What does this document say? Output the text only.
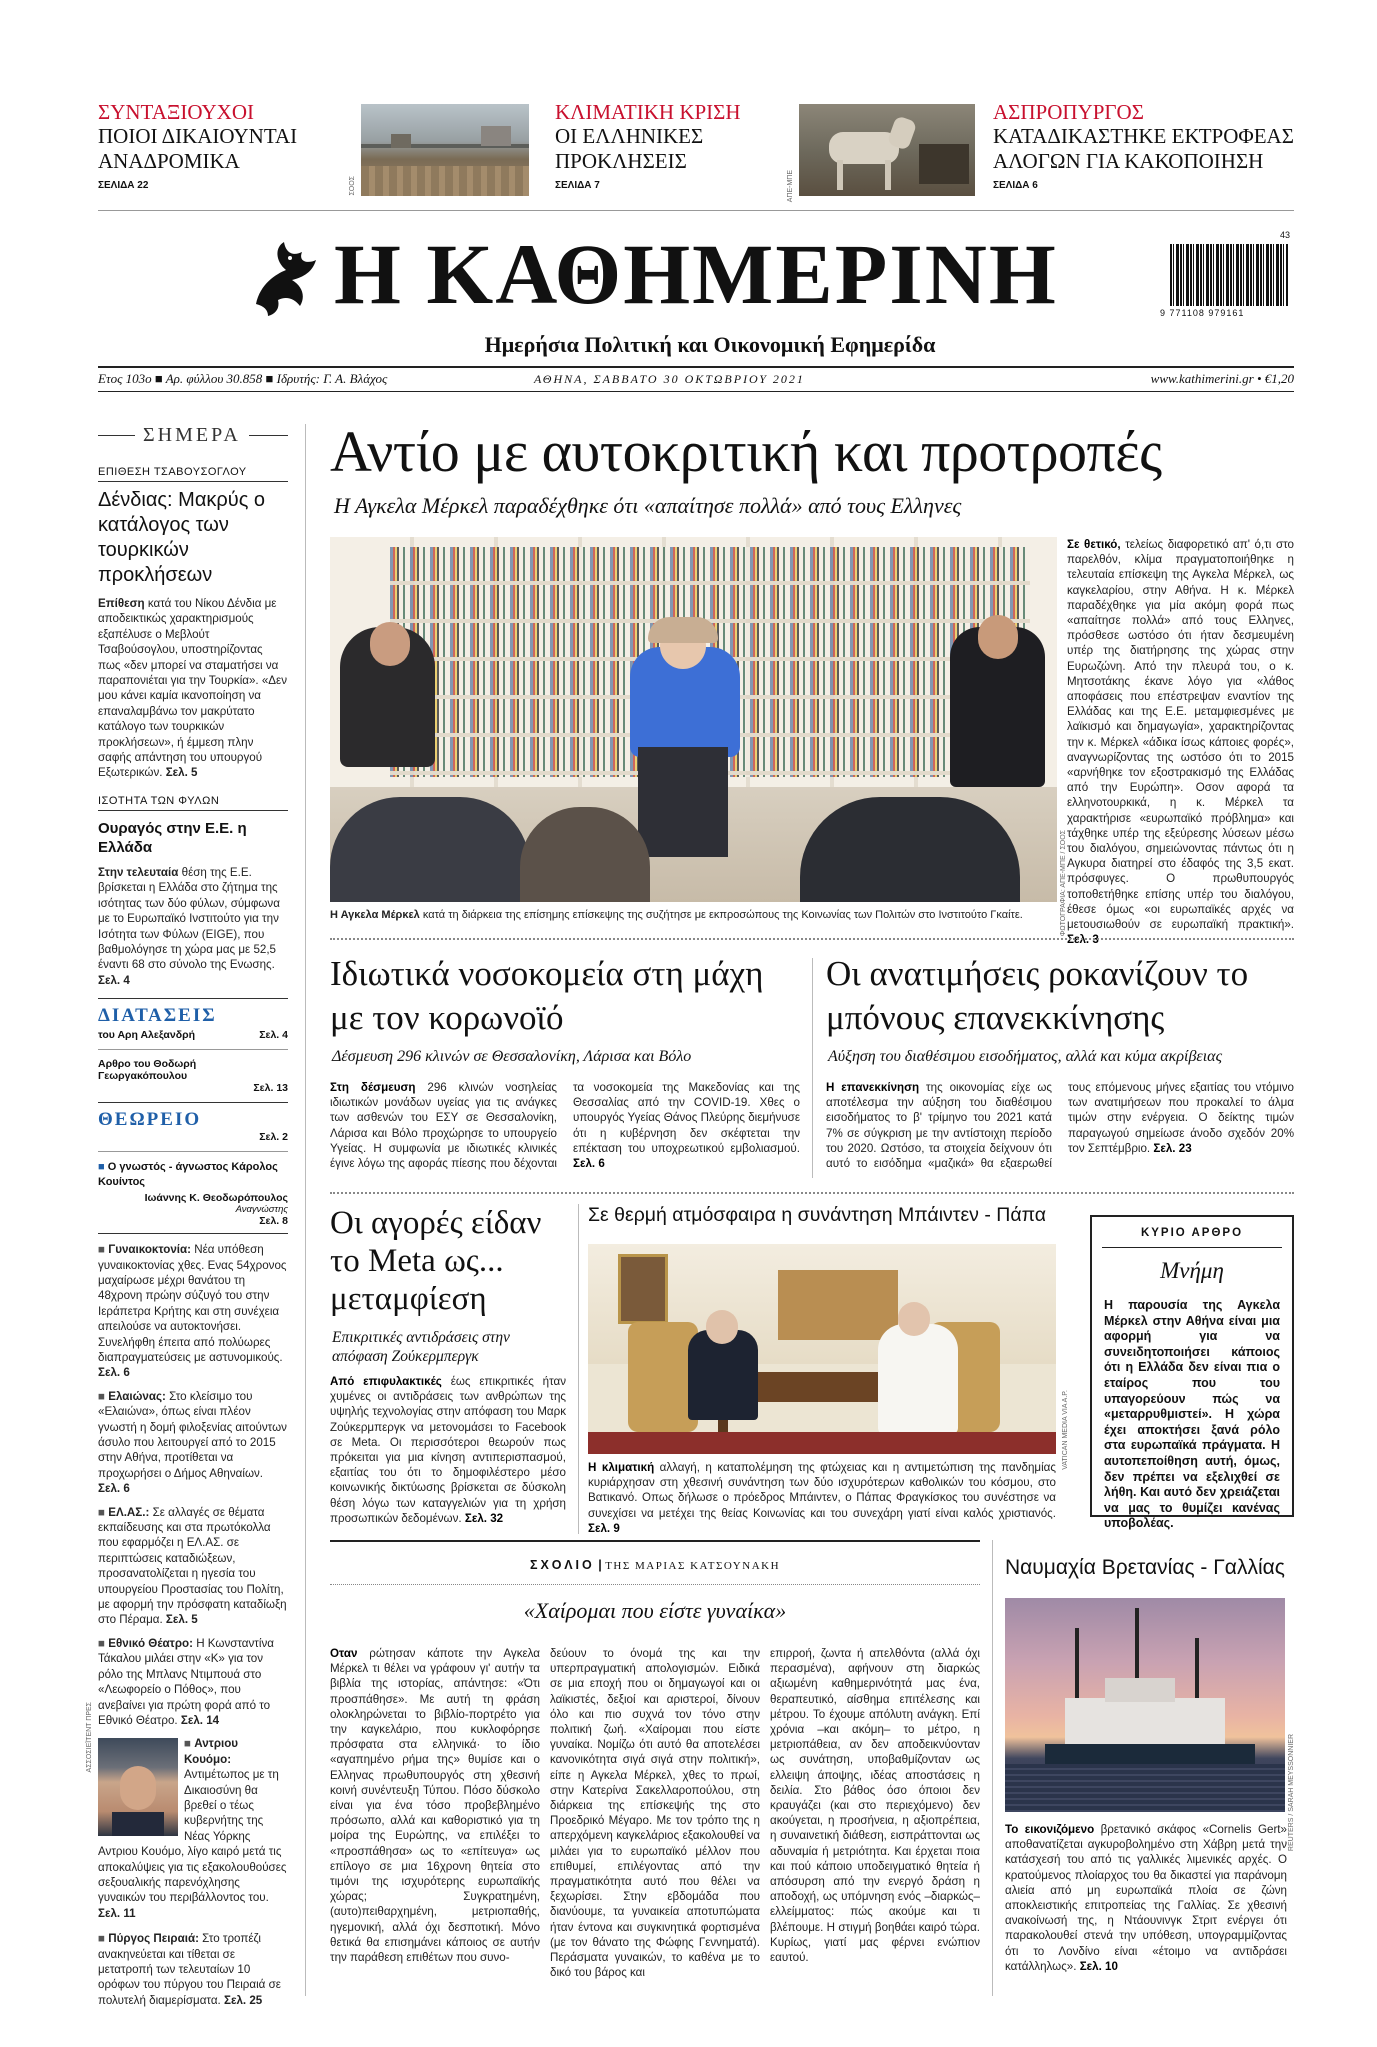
ΣΥΝΤΑΞΙΟΥΧΟΙ
ΠΟΙΟΙ ΔΙΚΑΙΟΥΝΤΑΙ ΑΝΑΔΡΟΜΙΚΑ
ΣΕΛΙΔΑ 22	ΣΟΟΣ
ΚΛΙΜΑΤΙΚΗ ΚΡΙΣΗ
ΟΙ ΕΛΛΗΝΙΚΕΣ ΠΡΟΚΛΗΣΕΙΣ
ΣΕΛΙΔΑ 7	ΑΠΕ-ΜΠΕ
ΑΣΠΡΟΠΥΡΓΟΣ
ΚΑΤΑΔΙΚΑΣΤΗΚΕ ΕΚΤΡΟΦΕΑΣ ΑΛΟΓΩΝ ΓΙΑ ΚΑΚΟΠΟΙΗΣΗ
ΣΕΛΙΔΑ 6
Η ΚΑΘΗΜΕΡΙΝΗ	43
9 771108 979161
Ημερήσια Πολιτική και Οικονομική Εφημερίδα
Ετος 103ο ■ Αρ. φύλλου 30.858 ■ Ιδρυτής: Γ. Α. Βλάχος	ΑΘΗΝΑ, ΣΑΒΒΑΤΟ 30 ΟΚΤΩΒΡΙΟΥ 2021	www.kathimerini.gr • €1,20
ΣΗΜΕΡΑ
ΕΠΙΘΕΣΗ ΤΣΑΒΟΥΣΟΓΛΟΥ
Δένδιας: Μακρύς ο κατάλογος των τουρκικών προκλήσεων
Επίθεση κατά του Νίκου Δένδια με αποδεικτικώς χαρακτηρισμούς εξαπέλυσε ο Μεβλούτ Τσαβούσογλου, υποστηρίζοντας πως «δεν μπορεί να σταματήσει να παραπονιέται για την Τουρκία». «Δεν μου κάνει καμία ικανοποίηση να επαναλαμβάνω τον μακρύτατο κατάλογο των τουρκικών προκλήσεων», ή έμμεση πλην σαφής απάντηση του υπουργού Εξωτερικών. Σελ. 5
ΙΣΟΤΗΤΑ ΤΩΝ ΦΥΛΩΝ
Ουραγός στην Ε.Ε. η Ελλάδα
Στην τελευταία θέση της Ε.Ε. βρίσκεται η Ελλάδα στο ζήτημα της ισότητας των δύο φύλων, σύμφωνα με το Ευρωπαϊκό Ινστιτούτο για την Ισότητα των Φύλων (EIGE), που βαθμολόγησε τη χώρα μας με 52,5 έναντι 68 στο σύνολο της Ενωσης. Σελ. 4
ΔΙΑΤΑΣΕΙΣ
του Αρη Αλεξανδρή	Σελ. 4
Αρθρο του Θοδωρή Γεωργακόπουλου
Σελ. 13
ΘΕΩΡΕΙΟ
Σελ. 2
■ Ο γνωστός - άγνωστος Κάρολος Κουίντος
Ιωάννης Κ. Θεοδωρόπουλος
Αναγνώστης
Σελ. 8
■ Γυναικοκτονία: Νέα υπόθεση γυναικοκτονίας χθες. Ενας 54χρονος μαχαίρωσε μέχρι θανάτου τη 48χρονη πρώην σύζυγό του στην Ιεράπετρα Κρήτης και στη συνέχεια απειλούσε να αυτοκτονήσει. Συνελήφθη έπειτα από πολύωρες διαπραγματεύσεις με αστυνομικούς. Σελ. 6
■ Ελαιώνας: Στο κλείσιμο του «Ελαιώνα», όπως είναι πλέον γνωστή η δομή φιλοξενίας αιτούντων άσυλο που λειτουργεί από το 2015 στην Αθήνα, προτίθεται να προχωρήσει ο Δήμος Αθηναίων. Σελ. 6
■ ΕΛ.ΑΣ.: Σε αλλαγές σε θέματα εκπαίδευσης και στα πρωτόκολλα που εφαρμόζει η ΕΛ.ΑΣ. σε περιπτώσεις καταδιώξεων, προσανατολίζεται η ηγεσία του υπουργείου Προστασίας του Πολίτη, με αφορμή την πρόσφατη καταδίωξη στο Πέραμα. Σελ. 5
■ Εθνικό Θέατρο: Η Κωνσταντίνα Τάκαλου μιλάει στην «Κ» για τον ρόλο της Μπλανς Ντιμπουά στο «Λεωφορείο ο Πόθος», που ανεβαίνει για πρώτη φορά από το Εθνικό Θέατρο. Σελ. 14
■ Αντριου Κουόμο: Αντιμέτωπος με τη Δικαιοσύνη θα βρεθεί ο τέως κυβερνήτης της Νέας Υόρκης Αντριου Κουόμο, λίγο καιρό μετά τις αποκαλύψεις για τις εξακολουθούσες σεξουαλικής παρενόχλησης γυναικών του περιβάλλοντος του. Σελ. 11
■ Πύργος Πειραιά: Στο τροπέζι ανακηνεύεται και τίθεται σε μετατροπή των τελευταίων 10 ορόφων του πύργου του Πειραιά σε πολυτελή διαμερίσματα. Σελ. 25
ΑΣΣΟΣΙΕΪΤΕΝΤ ΠΡΕΣ
Αντίο με αυτοκριτική και προτροπές
Η Αγκελα Μέρκελ παραδέχθηκε ότι «απαίτησε πολλά» από τους Ελληνες
ΦΩΤΟΓΡΑΦΙΑ: ΑΠΕ-ΜΠΕ / ΣΟΟΣ
Η Αγκελα Μέρκελ κατά τη διάρκεια της επίσημης επίσκεψης της συζήτησε με εκπροσώπους της Κοινωνίας των Πολιτών στο Ινστιτούτο Γκαίτε.
Σε θετικό, τελείως διαφορετικό απ' ό,τι στο παρελθόν, κλίμα πραγματοποιήθηκε η τελευταία επίσκεψη της Αγκελα Μέρκελ, ως καγκελαρίου, στην Αθήνα. Η κ. Μέρκελ παραδέχθηκε για μία ακόμη φορά πως «απαίτησε πολλά» από τους Ελληνες, πρόσθεσε ωστόσο ότι ήταν δεσμευμένη υπέρ της διατήρησης της χώρας στην Ευρωζώνη. Από την πλευρά του, ο κ. Μητσοτάκης έκανε λόγο για «λάθος αποφάσεις που επέστρεψαν εναντίον της Ελλάδας και της Ε.Ε. μεταμφιεσμένες με λαϊκισμό και δημαγωγία», χαρακτηρίζοντας την κ. Μέρκελ «άδικα ίσως κάποιες φορές», αναγνωρίζοντας της ωστόσο ότι το 2015 «αρνήθηκε τον εξοστρακισμό της Ελλάδας από την Ευρώπη». Οσον αφορά τα ελληνοτουρκικά, η κ. Μέρκελ τα χαρακτήρισε «ευρωπαϊκό πρόβλημα» και τάχθηκε υπέρ της εξεύρεσης λύσεων μέσω του διαλόγου, σημειώνοντας πάντως ότι η Αγκυρα διατηρεί στο έδαφός της 3,5 εκατ. πρόσφυγες. Ο πρωθυπουργός τοποθετήθηκε επίσης υπέρ του διαλόγου, έθεσε όμως «οι ευρωπαϊκές αρχές να μετουσιωθούν σε ευρωπαϊκή πρακτική». Σελ. 3
Ιδιωτικά νοσοκομεία στη μάχη με τον κορωνοϊό
Δέσμευση 296 κλινών σε Θεσσαλονίκη, Λάρισα και Βόλο
Στη δέσμευση 296 κλινών νοσηλείας ιδιωτικών μονάδων υγείας για τις ανάγκες των ασθενών του ΕΣΥ σε Θεσσαλονίκη, Λάρισα και Βόλο προχώρησε το υπουργείο Υγείας. Η συμφωνία με ιδιωτικές κλινικές έγινε λόγω της αφοράς πίεσης που δέχονται τα νοσοκομεία της Μακεδονίας και της Θεσσαλίας από την COVID-19. Χθες ο υπουργός Υγείας Θάνος Πλεύρης διεμήνυσε ότι η κυβέρνηση δεν σκέφτεται την επέκταση του υποχρεωτικού εμβολιασμού. Σελ. 6
Οι ανατιμήσεις ροκανίζουν το μπόνους επανεκκίνησης
Αύξηση του διαθέσιμου εισοδήματος, αλλά και κύμα ακρίβειας
Η επανεκκίνηση της οικονομίας είχε ως αποτέλεσμα την αύξηση του διαθέσιμου εισοδήματος το β' τρίμηνο του 2021 κατά 7% σε σύγκριση με την αντίστοιχη περίοδο του 2020. Ωστόσο, τα στοιχεία δείχνουν ότι αυτό το εισόδημα «μαζικά» θα εξαερωθεί τους επόμενους μήνες εξαιτίας του ντόμινο των ανατιμήσεων που προκαλεί το άλμα τιμών στην ενέργεια. Ο δείκτης τιμών παραγωγού σημείωσε άνοδο σχεδόν 20% τον Σεπτέμβριο. Σελ. 23
Οι αγορές είδαν το Meta ως... μεταμφίεση
Επικριτικές αντιδράσεις στην απόφαση Ζούκερμπεργκ
Από επιφυλακτικές έως επικριτικές ήταν χυμένες οι αντιδράσεις των ανθρώπων της υψηλής τεχνολογίας στην απόφαση του Μαρκ Ζούκερμπεργκ να μετονομάσει το Facebook σε Meta. Οι περισσότεροι θεωρούν πως πρόκειται για μια κίνηση αντιπερισπασμού, εξαιτίας του ότι το δημοφιλέστερο μέσο κοινωνικής δικτύωσης βρίσκεται σε δύσκολη θέση λόγω των καταγγελιών για τη χρήση προσωπικών δεδομένων. Σελ. 32
Σε θερμή ατμόσφαιρα η συνάντηση Μπάιντεν - Πάπα
VATICAN MEDIA VIA A.P.
Η κλιματική αλλαγή, η καταπολέμηση της φτώχειας και η αντιμετώπιση της πανδημίας κυριάρχησαν στη χθεσινή συνάντηση των δύο ισχυρότερων καθολικών του κόσμου, στο Βατικανό. Οπως δήλωσε ο πρόεδρος Μπάιντεν, ο Πάπας Φραγκίσκος του συνέστησε να συνεχίσει να μετέχει της θείας Κοινωνίας και του συνεχάρη γιατί είναι καλός χριστιανός. Σελ. 9
ΚΥΡΙΟ ΑΡΘΡΟ
Μνήμη
Η παρουσία της Αγκελα Μέρκελ στην Αθήνα είναι μια αφορμή για να συνειδητοποιήσει κάποιος ότι η Ελλάδα δεν είναι πια ο εταίρος που του υπαγορεύουν πώς να «μεταρρυθμιστεί». Η χώρα έχει αποκτήσει ξανά ρόλο στα ευρωπαϊκά πράγματα. Η αυτοπεποίθηση αυτή, όμως, δεν πρέπει να εξελιχθεί σε λήθη. Και αυτό δεν χρειάζεται να μας το θυμίζει κανένας υποβολέας.
ΣΧΟΛΙΟ | ΤΗΣ ΜΑΡΙΑΣ ΚΑΤΣΟΥΝΑΚΗ
«Χαίρομαι που είστε γυναίκα»
Οταν ρώτησαν κάποτε την Αγκελα Μέρκελ τι θέλει να γράφουν γι' αυτήν τα βιβλία της ιστορίας, απάντησε: «Ότι προσπάθησε». Με αυτή τη φράση ολοκληρώνεται το βιβλίο-πορτρέτο για την καγκελάριο, που κυκλοφόρησε πρόσφατα στα ελληνικά· το ίδιο «αγαπημένο ρήμα της» θυμίσε και ο Ελληνας πρωθυπουργός στη χθεσινή κοινή συνέντευξη Τύπου. Πόσο δύσκολο είναι για ένα τόσο προβεβλημένο πρόσωπο, αλλά και καθοριστικό για τη μοίρα της Ευρώπης, να επιλέξει το «προσπάθησα» ως το «επίτευγα» ως επίλογο σε μια 16χρονη θητεία στο τιμόνι της ισχυρότερης ευρωπαϊκής χώρας; Συγκρατημένη, (αυτο)πειθαρχημένη, μετριοπαθής, ηγεμονική, αλλά όχι δεσποτική. Μόνο θετικά θα επισημάνει κάποιος σε αυτήν την παράθεση επιθέτων που συνο-
δεύουν το όνομά της και την υπερπραγματική απολογισμών. Ειδικά σε μια εποχή που οι δημαγωγοί και οι λαϊκιστές, δεξιοί και αριστεροί, δίνουν όλο και πιο συχνά τον τόνο στην πολιτική ζωή. «Χαίρομαι που είστε γυναίκα. Νομίζω ότι αυτό θα αποτελέσει κανονικότητα σιγά σιγά στην πολιτική», είπε η Αγκελα Μέρκελ, χθες το πρωί, στην Κατερίνα Σακελλαροπούλου, στη διάρκεια της επίσκεψής της στο Προεδρικό Μέγαρο. Με τον τρόπο της η απερχόμενη καγκελάριος εξακολουθεί να μιλάει για το ευρωπαϊκό μέλλον που επιθυμεί, επιλέγοντας από την πραγματικότητα αυτό που θέλει να ξεχωρίσει. Στην εβδομάδα που διανύουμε, τα γυναικεία αποτυπώματα ήταν έντονα και συγκινητικά φορτισμένα (με τον θάνατο της Φώφης Γεννηματά). Περάσματα γυναικών, το καθένα με το δικό του βάρος και
επιρροή, ζωντα ή απελθόντα (αλλά όχι περασμένα), αφήνουν στη διαρκώς αξιωμένη καθημερινότητά μας ένα, θεραπευτικό, αίσθημα επιτέλεσης και μέτρου. Το έχουμε απόλυτη ανάγκη. Επί χρόνια –και ακόμη– το μέτρο, η μετριοπάθεια, αν δεν αποδεικνύονταν ως συνάτηση, υποβαθμίζονταν ως ελλειψη άποψης, ιδέας αποστάσεις η δειλία. Στο βάθος όσο όποιοι δεν κραυγάζει (και στο περιεχόμενο) δεν ακούγεται, η προσήνεια, η αξιοπρέπεια, η συναινετική διάθεση, εισπράττονται ως αδυναμία ή μετριότητα. Και έρχεται ποια και πού κάποιο υποδειγματικό θητεία ή απόσυρση από την ενεργό δράση η αποδοχή, ως υπόμνηση ενός –διαρκώς– ελλείμματος: πώς ακούμε και τι βλέπουμε. Η στιγμή βοηθάει καιρό τώρα. Κυρίως, γιατί μας φέρνει ενώπιον εαυτού.
Ναυμαχία Βρετανίας - Γαλλίας
REUTERS / SARAH MEYSSONNIER
Το εικονιζόμενο βρετανικό σκάφος «Cornelis Gert» αποθανατίζεται αγκυροβολημένο στη Χάβρη μετά την κατάσχεσή του από τις γαλλικές λιμενικές αρχές. Ο κρατούμενος πλοίαρχος του θα δικαστεί για παράνομη αλιεία από μη ευρωπαϊκά πλοία σε ζώνη αποκλειστικής επιτροπείας της Γαλλίας. Σε χθεσινή ανακοίνωσή της, η Ντάουνινγκ Στριτ ενέργει ότι παρακολουθεί στενά την υπόθεση, υπογραμμίζοντας ότι το Λονδίνο είναι «έτοιμο να αντιδράσει κατάλληλως». Σελ. 10
